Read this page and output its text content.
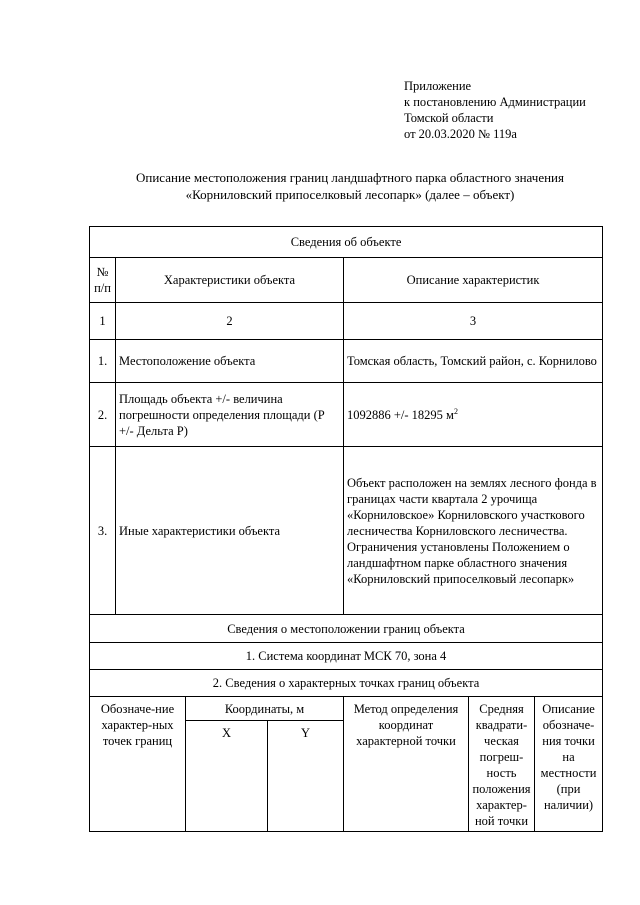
Приложение
к постановлению Администрации
Томской области
от 20.03.2020 № 119а
Описание местоположения границ ландшафтного парка областного значения
«Корниловский припоселковый лесопарк» (далее – объект)
Сведения об объекте						
№ п/п	Характеристики объекта			Описание характеристик		
1	2			3		
1.	Местоположение объекта			Томская область, Томский район, с. Корнилово		
2.	Площадь объекта +/- величина погрешности определения площади (Р +/- Дельта Р)			1092886 +/- 18295 $м^2$
3.	Иные характеристики объекта			Объект расположен на землях лесного фонда в границах части квартала 2 урочища «Корниловское» Корниловского участкового лесничества Корниловского лесничества. Ограничения установлены Положением о ландшафтном парке областного значения «Корниловский припоселковый лесопарк»		
Сведения о местоположении границ объекта						
1. Система координат МСК 70, зона 4						
2. Сведения о характерных точках границ объекта						
Обозначе-ние характер-ных точек границ		Координаты, м		Метод определения координат характерной точки	Средняя квадрати-ческая погреш-ность положения характер-ной точки	Описание обозначе-ния точки на местности (при наличии)
		X	Y			
